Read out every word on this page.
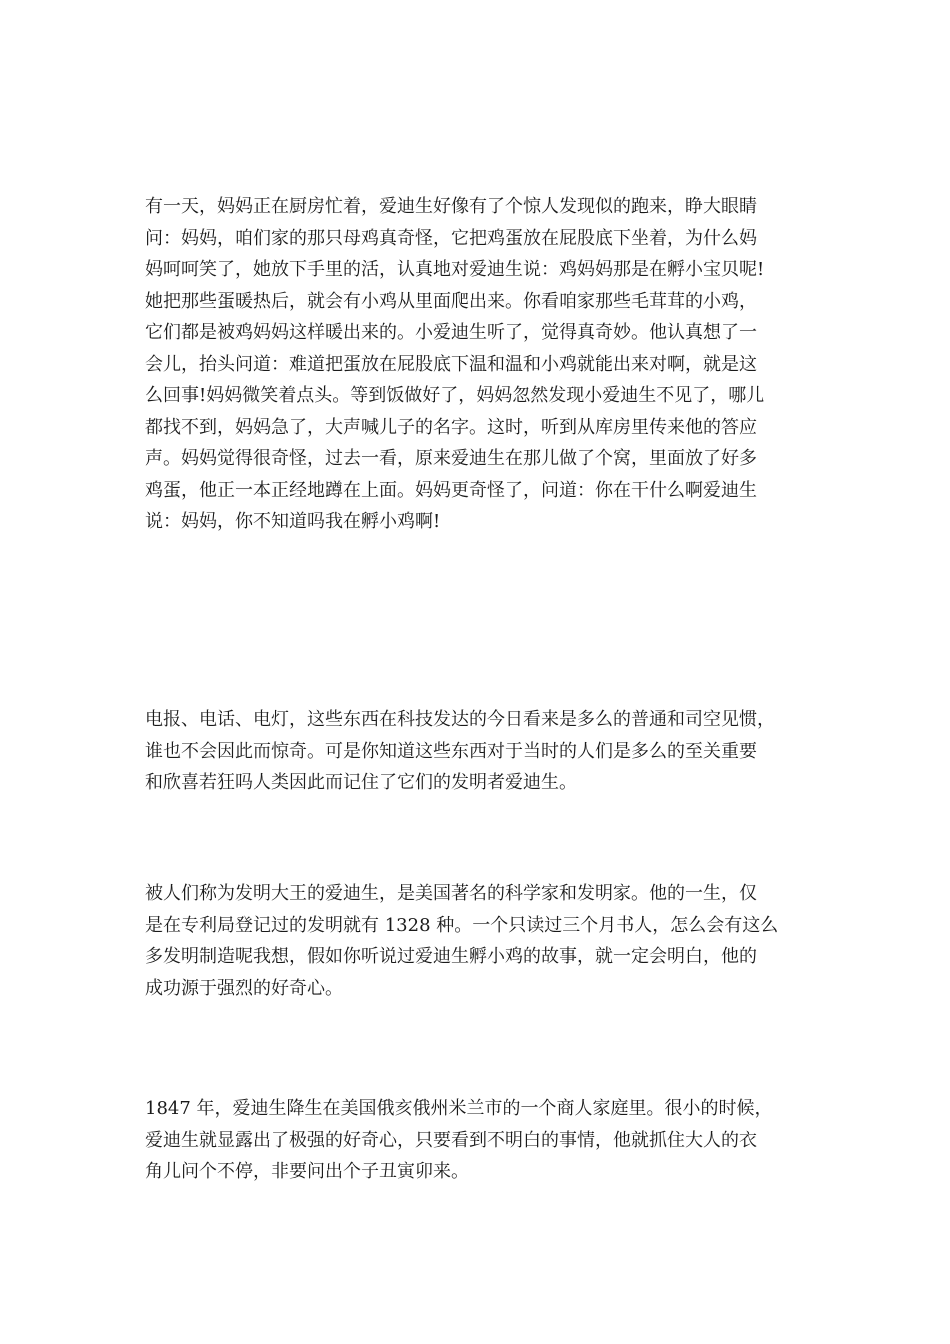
有一天，妈妈正在厨房忙着，爱迪生好像有了个惊人发现似的跑来，睁大眼睛
问：妈妈，咱们家的那只母鸡真奇怪，它把鸡蛋放在屁股底下坐着，为什么妈
妈呵呵笑了，她放下手里的活，认真地对爱迪生说：鸡妈妈那是在孵小宝贝呢!
她把那些蛋暖热后，就会有小鸡从里面爬出来。你看咱家那些毛茸茸的小鸡，
它们都是被鸡妈妈这样暖出来的。小爱迪生听了，觉得真奇妙。他认真想了一
会儿，抬头问道：难道把蛋放在屁股底下温和温和小鸡就能出来对啊，就是这
么回事!妈妈微笑着点头。等到饭做好了，妈妈忽然发现小爱迪生不见了，哪儿
都找不到，妈妈急了，大声喊儿子的名字。这时，听到从库房里传来他的答应
声。妈妈觉得很奇怪，过去一看，原来爱迪生在那儿做了个窝，里面放了好多
鸡蛋，他正一本正经地蹲在上面。妈妈更奇怪了，问道：你在干什么啊爱迪生
说：妈妈，你不知道吗我在孵小鸡啊!

电报、电话、电灯，这些东西在科技发达的今日看来是多么的普通和司空见惯，
谁也不会因此而惊奇。可是你知道这些东西对于当时的人们是多么的至关重要
和欣喜若狂吗人类因此而记住了它们的发明者爱迪生。

被人们称为发明大王的爱迪生，是美国著名的科学家和发明家。他的一生，仅
是在专利局登记过的发明就有 1328 种。一个只读过三个月书人，怎么会有这么
多发明制造呢我想，假如你听说过爱迪生孵小鸡的故事，就一定会明白，他的
成功源于强烈的好奇心。

1847 年，爱迪生降生在美国俄亥俄州米兰市的一个商人家庭里。很小的时候，
爱迪生就显露出了极强的好奇心，只要看到不明白的事情，他就抓住大人的衣
角儿问个不停，非要问出个子丑寅卯来。
